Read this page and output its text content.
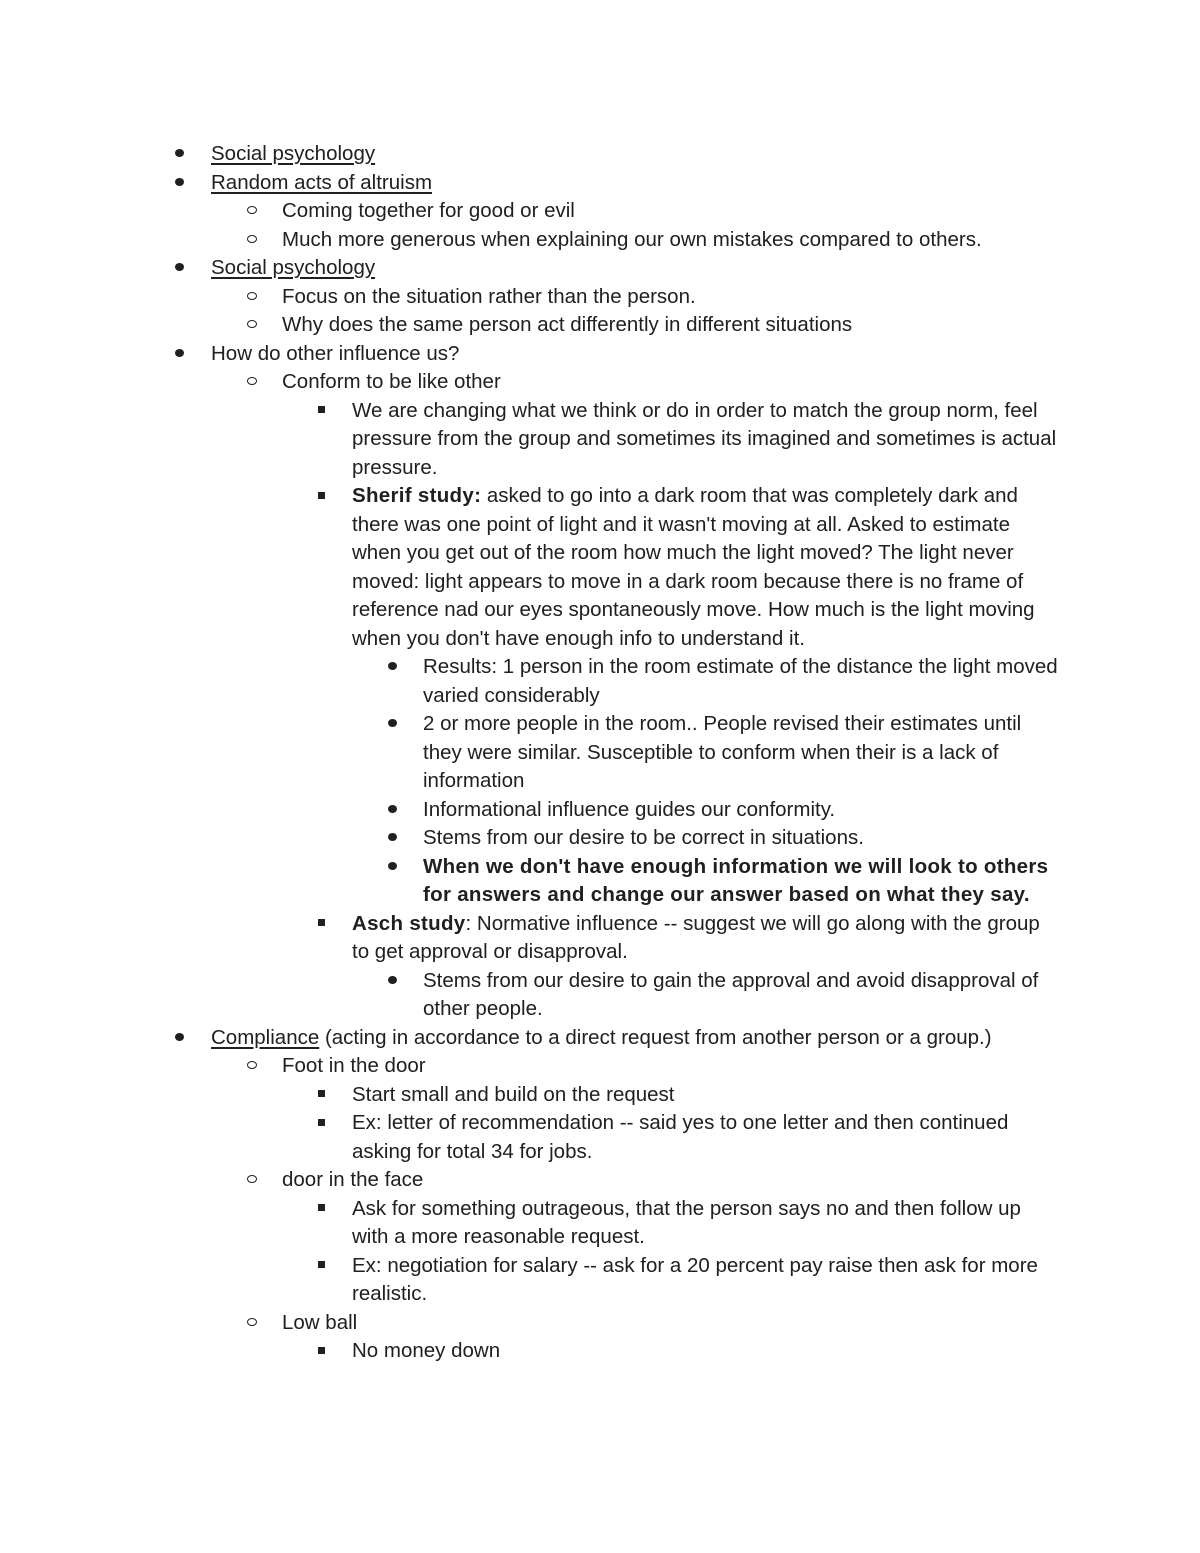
Social psychology
Random acts of altruism
Coming together for good or evil
Much more generous when explaining our own mistakes compared to others.
Social psychology
Focus on the situation rather than the person.
Why does the same person act differently in different situations
How do other influence us?
Conform to be like other
We are changing what we think or do in order to match the group norm, feel pressure from the group and sometimes its imagined and sometimes is actual pressure.
Sherif study: asked to go into a dark room that was completely dark and there was one point of light and it wasn't moving at all. Asked to estimate when you get out of the room how much the light moved? The light never moved: light appears to move in a dark room because there is no frame of reference nad our eyes spontaneously move. How much is the light moving when you don't have enough info to understand it.
Results: 1 person in the room estimate of the distance the light moved varied considerably
2 or more people in the room.. People revised their estimates until they were similar. Susceptible to conform when their is a lack of information
Informational influence guides our conformity.
Stems from our desire to be correct in situations.
When we don't have enough information we will look to others for answers and change our answer based on what they say.
Asch study: Normative influence -- suggest we will go along with the group to get approval or disapproval.
Stems from our desire to gain the approval and avoid disapproval of other people.
Compliance (acting in accordance to a direct request from another person or a group.)
Foot in the door
Start small and build on the request
Ex: letter of recommendation -- said yes to one letter and then continued asking for total 34 for jobs.
door in the face
Ask for something outrageous, that the person says no and then follow up with a more reasonable request.
Ex: negotiation for salary -- ask for a 20 percent pay raise then ask for more realistic.
Low ball
No money down
